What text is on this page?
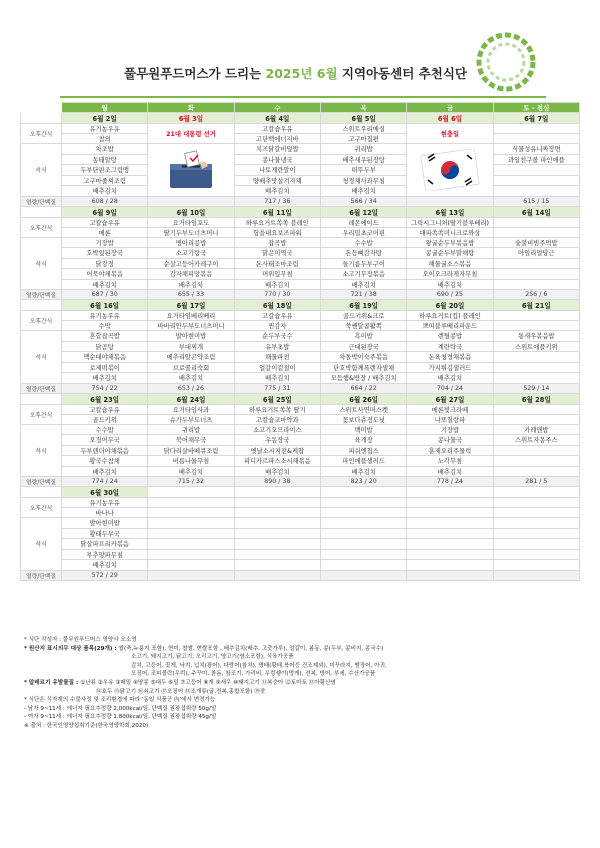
풀무원푸드머스가 드리는 2025년 6월 지역아동센터 추천식단
	월	화	수	목	금	토 - 점심
	6월 2일	6월 3일	6월 4일	6월 5일	6월 6일	6월 7일
오후간식	유기농우유	21대 대통령 선거	고칼슘우유	스위트우리메실	현충일	
	참외		고단백에너지바	고구마칩편		
석식	차조밥		치즈닭갈비덮밥	귀리밥		식물성유니짜장면
	동태알탕		콩나물냉국	배추새우된장탕		과일친구볼 파인애플
	두부단판조그림맹		나토계란말이	떠뚜두부		
	고구마줄찌조림		양배추맛살겨자채	청경채사과무침		
	배추김치		배추김치	배추김치		
열량/단백질	608 / 28		717 / 36	566 / 34		615 / 15
	6월 9일	6월 10일	6월 11일	6월 12일	6월 13일	6월 14일
오후간식	고칼슘우유	요거타임포도	하루요거트쏙쏙 블레인	레몬에이드	그릭시그니처(딸기블루베리)	
	메론	딸기두부도너츠머니	헝을내요보즈파워	우리밀초코머핀	대파쏙쏙미니크로와상	
석식	기장밥	병아리콩밥	잡곡밥	수수밥	왕굴순두부볶음밥	숯불비빔주먹밥
	호박잎된장국	소고기탕국	맑은미역국	돈등뼈감자탕	콩굴순두부맑해탕	아임리얼당근
	닭강정	순살고등어카레구이	돈사태조마조림	들기름두부구이	해물굴소스볶음	
	어묵야채볶음	감자채피망볶음	머위잎무침	소고기무장볶음	오이오크라게자무침	
	배추김치	배추김치	배추김치	배추김치	배추김치	
열량/단백질	687 / 30	655 / 33	770 / 30	721 / 38	690 / 25	256 / 6
	6월 16일	6월 17일	6월 18일	6월 19일	6월 20일	6월 21일
오후간식	유기농우유	요거타임베리베리	고칼슘우유	골드키위&크로	하루요거트(컵) 플레인	
	수박	바바리안두부도너츠미니	찐감자	쑥쌘달콤활쪽	쁘띠블루베리파운드	
석식	혼합잡곡밥	발아현미밥	순두부국수	흑미밥	렌틸콩밥	통새우볶음밥
	닭곰탕	부대찌개	유부초밥	근대된장국	계란탁국	스위트애플키위
	맥순대야채볶음	메추리알곤약조림	해물파전	차돌박이숙주볶음	돈육청경채볶음	
	로제떡볶이	브로콜리숙회	얼갈이겉절이	단호박함께폭렌자샐채	가지튀김샐러드	
	배추김치	배추김치	배추김치	모듬햄&방장 / 배추김치	배추김치	
열량/단백질	754 / 22	653 / 26	775 / 31	664 / 22	704 / 24	529 / 14
	6월 23일	6월 24일	6월 25일	6월 26일	6월 27일	6월 28일
오후간식	고칼슘우유	요거타임사과	하루요거트쏙쏙 딸기	스위트사연머스켓	메론빛크라떼	
	골드키위	슈가두부도너츠	고칼슘코마약과	꽃보다츄정도넛	나또칠랑파	
석식	수수밥	귀리밥	소고기오므라이스	백미밥	기장밥	카레앤밥
	오징어무국	북어채무국	우동장국	육개장	콩나물국	스위트자몽주스
	두부텐더야채볶음	닭다리살바베큐조림	옛날소시지전&케찹	피쉬엔칩스	훈제오리주물럭	
	황국수참채	비름나물무침	피디카르파스소시채볶음	파인애플샐러드	노각무침	
	배추김치	배추김치	배추김치	배추김치	배추김치	
열량/단백질	774 / 24	715 / 32	890 / 38	823 / 20	778 / 24	281 / 5
	6월 30일					
오후간식	유기농우유					
	바나나					
석식	발아현미밥					
	황태두부국					
	닭살파프리카볶음					
	부추양파무침					
	배추김치					
열량/단백질	572 / 29					
* 식단 작성자 : 풀무원푸드머스 영양사 오소영
* 원산지 표시의무 대상 품목(29개) : 쌀(축,누룽지 포함), 현미, 찹쌀, 현쌀포함 , 배추김치(배추, 고춧가루), 얼갈이, 봄동, 콩(두부, 콩비지, 콩국수)
소고기, 돼지고기, 닭고기, 오리고기, 양고기(염소포함), 식육가공품
갈치, 고등어, 꽃게, 낙지, 넙치(광어), 다랑어(참치), 명태(황태,북어등 건조제외), 미꾸라지, 뱀장어, 아귀,
오징어, 조피볼락(우럭), 주꾸미, 참돔, 참조기, 가리비, 우렁쉥이(멍게), 전복, 방어, 부세, 수산가공품
* 알레르기 유발물질 : ①난류 ②우유 ③메밀 ④땅콩 ⑤대두 ⑥밀 ⑦고등어 ⑧게 ⑨새우 ⑩돼지고기 ⑪복숭아 ⑫토마토 ⑬아황산염
⑭호두 ⑮닭고기 ⑯쇠고기 ⑰오징어 ⑱조개류(굴,전복,홍합포함) ⑲잣
* 식단은 식자재의 수불사정 및 조리환경에 따라 '동일 식품군 內'에서 변경가능
- 남자 9~11세 : 에너지 필요추정량 2,000kcal/일, 단백질 권장섭취량 50g/일
- 여자 9~11세 : 에너지 필요추정량 1,800kcal/일, 단백질 권장섭취량 45g/일
※ 출처 : 한국인영양섭취기준(한국영양학회,2020)
